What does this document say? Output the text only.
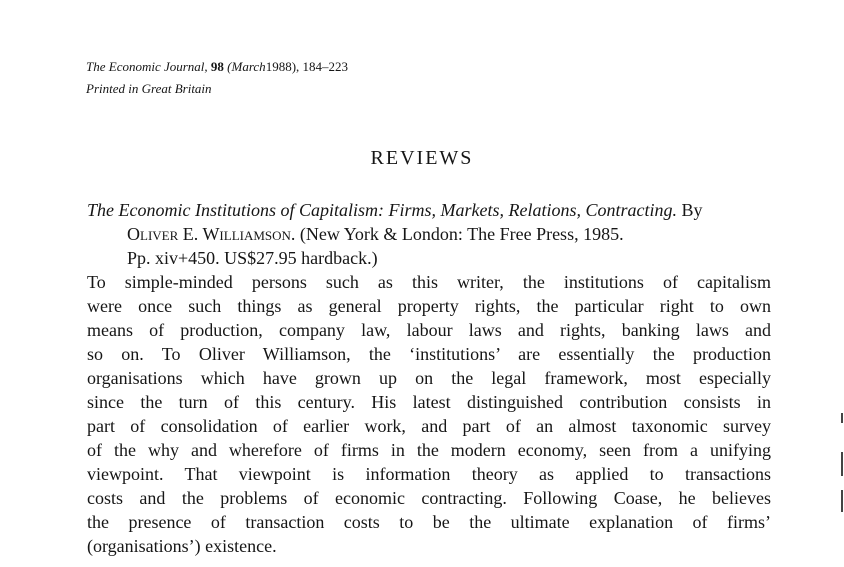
The Economic Journal, 98 (March1988), 184–223
Printed in Great Britain
REVIEWS
The Economic Institutions of Capitalism: Firms, Markets, Relations, Contracting. By
Oliver E. Williamson. (New York & London: The Free Press, 1985.
Pp. xiv+450. US$27.95 hardback.)
To simple-minded persons such as this writer, the institutions of capitalism
were once such things as general property rights, the particular right to own
means of production, company law, labour laws and rights, banking laws and
so on. To Oliver Williamson, the ‘institutions’ are essentially the production
organisations which have grown up on the legal framework, most especially
since the turn of this century. His latest distinguished contribution consists in
part of consolidation of earlier work, and part of an almost taxonomic survey
of the why and wherefore of firms in the modern economy, seen from a unifying
viewpoint. That viewpoint is information theory as applied to transactions
costs and the problems of economic contracting. Following Coase, he believes
the presence of transaction costs to be the ultimate explanation of firms’
(organisations’) existence.
